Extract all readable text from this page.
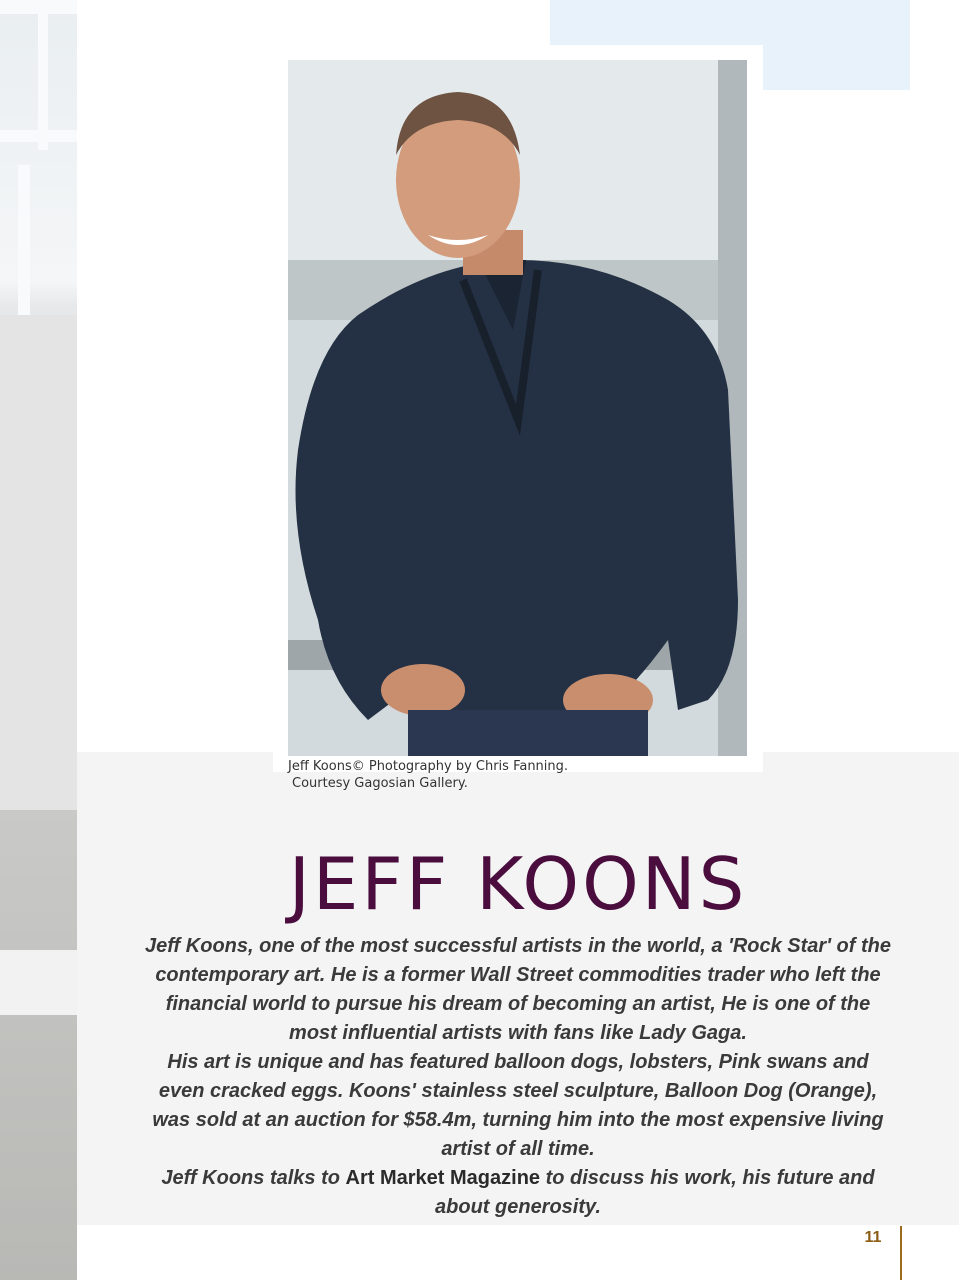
Jeff Koons© Photography by Chris Fanning.
Courtesy Gagosian Gallery.
JEFF KOONS

Jeff Koons, one of the most successful artists in the world, a 'Rock Star' of the contemporary art. He is a former Wall Street commodities trader who left the financial world to pursue his dream of becoming an artist, He is one of the most influential artists with fans like Lady Gaga.

His art is unique and has featured balloon dogs, lobsters, Pink swans and even cracked eggs. Koons' stainless steel sculpture, Balloon Dog (Orange), was sold at an auction for $58.4m, turning him into the most expensive living artist of all time.

Jeff Koons talks to Art Market Magazine to discuss his work, his future and about generosity.

11
